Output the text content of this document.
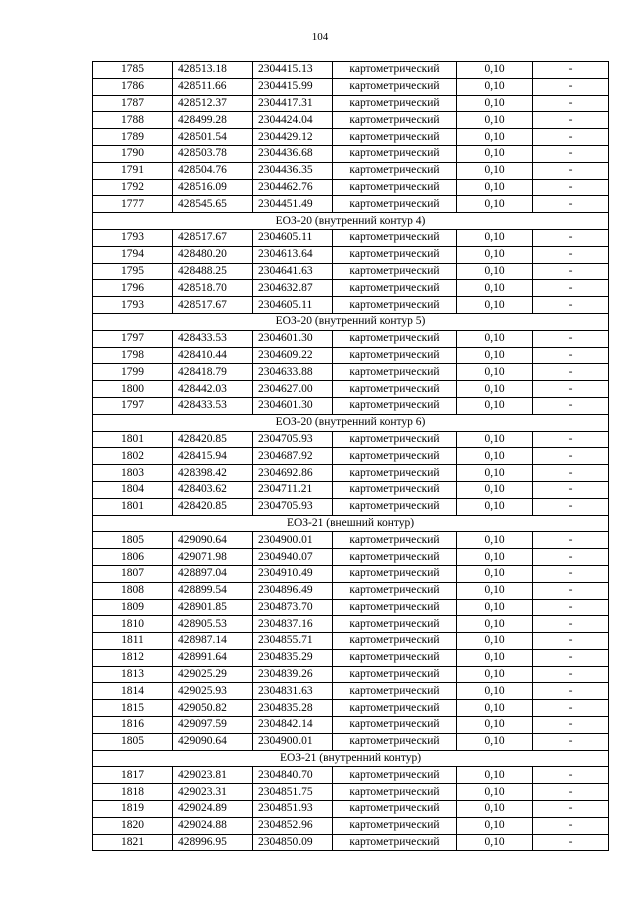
104
1785	428513.18	2304415.13	картометрический	0,10	-
1786	428511.66	2304415.99	картометрический	0,10	-
1787	428512.37	2304417.31	картометрический	0,10	-
1788	428499.28	2304424.04	картометрический	0,10	-
1789	428501.54	2304429.12	картометрический	0,10	-
1790	428503.78	2304436.68	картометрический	0,10	-
1791	428504.76	2304436.35	картометрический	0,10	-
1792	428516.09	2304462.76	картометрический	0,10	-
1777	428545.65	2304451.49	картометрический	0,10	-
ЕОЗ-20 (внутренний контур 4)					
1793	428517.67	2304605.11	картометрический	0,10	-
1794	428480.20	2304613.64	картометрический	0,10	-
1795	428488.25	2304641.63	картометрический	0,10	-
1796	428518.70	2304632.87	картометрический	0,10	-
1793	428517.67	2304605.11	картометрический	0,10	-
ЕОЗ-20 (внутренний контур 5)					
1797	428433.53	2304601.30	картометрический	0,10	-
1798	428410.44	2304609.22	картометрический	0,10	-
1799	428418.79	2304633.88	картометрический	0,10	-
1800	428442.03	2304627.00	картометрический	0,10	-
1797	428433.53	2304601.30	картометрический	0,10	-
ЕОЗ-20 (внутренний контур 6)					
1801	428420.85	2304705.93	картометрический	0,10	-
1802	428415.94	2304687.92	картометрический	0,10	-
1803	428398.42	2304692.86	картометрический	0,10	-
1804	428403.62	2304711.21	картометрический	0,10	-
1801	428420.85	2304705.93	картометрический	0,10	-
ЕОЗ-21 (внешний контур)					
1805	429090.64	2304900.01	картометрический	0,10	-
1806	429071.98	2304940.07	картометрический	0,10	-
1807	428897.04	2304910.49	картометрический	0,10	-
1808	428899.54	2304896.49	картометрический	0,10	-
1809	428901.85	2304873.70	картометрический	0,10	-
1810	428905.53	2304837.16	картометрический	0,10	-
1811	428987.14	2304855.71	картометрический	0,10	-
1812	428991.64	2304835.29	картометрический	0,10	-
1813	429025.29	2304839.26	картометрический	0,10	-
1814	429025.93	2304831.63	картометрический	0,10	-
1815	429050.82	2304835.28	картометрический	0,10	-
1816	429097.59	2304842.14	картометрический	0,10	-
1805	429090.64	2304900.01	картометрический	0,10	-
ЕОЗ-21 (внутренний контур)					
1817	429023.81	2304840.70	картометрический	0,10	-
1818	429023.31	2304851.75	картометрический	0,10	-
1819	429024.89	2304851.93	картометрический	0,10	-
1820	429024.88	2304852.96	картометрический	0,10	-
1821	428996.95	2304850.09	картометрический	0,10	-
